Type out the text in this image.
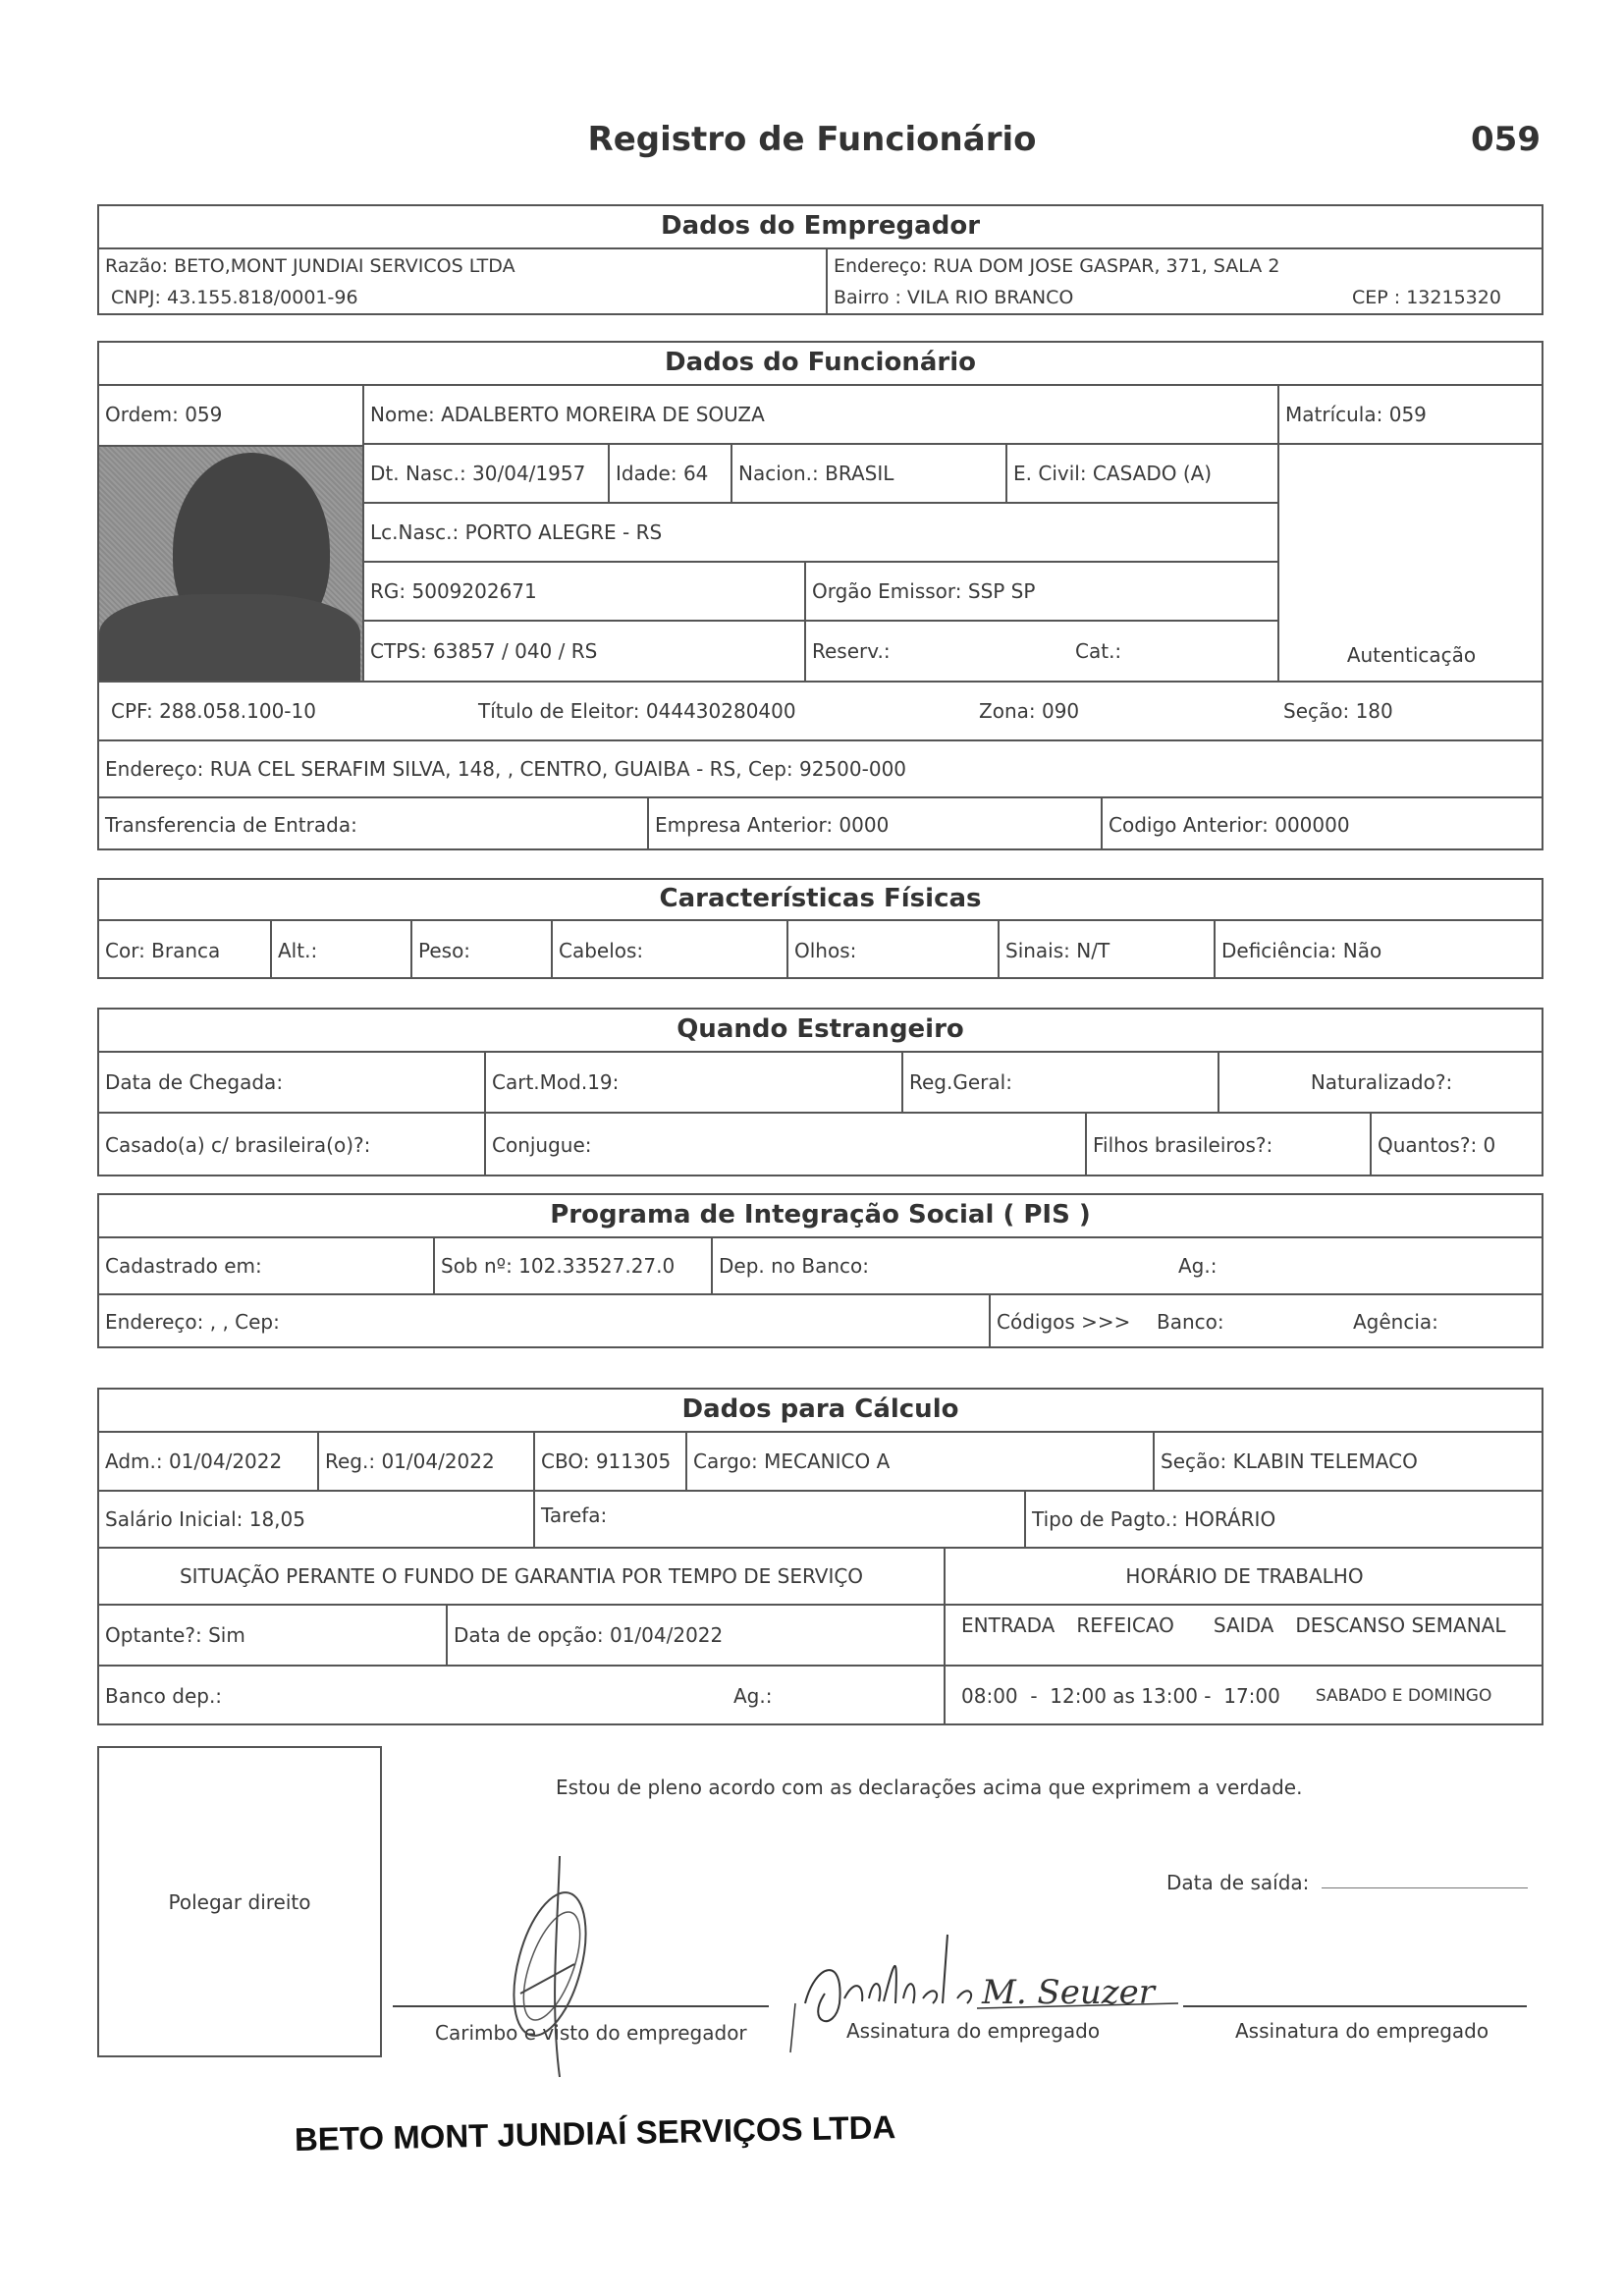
Registro de Funcionário	059
Dados do Empregador
Razão: BETO,MONT JUNDIAI SERVICOS LTDA
CNPJ: 43.155.818/0001-96
Endereço: RUA DOM JOSE GASPAR, 371, SALA 2
Bairro : VILA RIO BRANCO	CEP : 13215320
Dados do Funcionário
Ordem: 059	Nome: ADALBERTO MOREIRA DE SOUZA	Matrícula: 059
Dt. Nasc.: 30/04/1957	Idade: 64	Nacion.: BRASIL	E. Civil: CASADO (A)
Lc.Nasc.: PORTO ALEGRE - RS
RG: 5009202671	Orgão Emissor: SSP SP
CTPS: 63857 / 040 / RS	Reserv.:	Cat.:	Autenticação
CPF: 288.058.100-10	Título de Eleitor: 044430280400	Zona: 090	Seção: 180
Endereço: RUA CEL SERAFIM SILVA, 148, , CENTRO, GUAIBA - RS, Cep: 92500-000
Transferencia de Entrada:	Empresa Anterior: 0000	Codigo Anterior: 000000
Características Físicas
Cor: Branca	Alt.:	Peso:	Cabelos:	Olhos:	Sinais: N/T	Deficiência: Não
Quando Estrangeiro
Data de Chegada:	Cart.Mod.19:	Reg.Geral:	Naturalizado?:
Casado(a) c/ brasileira(o)?:	Conjugue:	Filhos brasileiros?:	Quantos?: 0
Programa de Integração Social ( PIS )
Cadastrado em:	Sob nº: 102.33527.27.0	Dep. no Banco:	Ag.:
Endereço: , , Cep:	Códigos >>>	Banco:	Agência:
Dados para Cálculo
Adm.: 01/04/2022	Reg.: 01/04/2022	CBO: 911305	Cargo: MECANICO A	Seção: KLABIN TELEMACO
Salário Inicial: 18,05	Tarefa:	Tipo de Pagto.: HORÁRIO
SITUAÇÃO PERANTE O FUNDO DE GARANTIA POR TEMPO DE SERVIÇO	HORÁRIO DE TRABALHO
Optante?: Sim	Data de opção: 01/04/2022	ENTRADA REFEICAO SAIDA DESCANSO SEMANAL
Banco dep.:	Ag.:	08:00  -  12:00 as 13:00 -  17:00 SABADO E DOMINGO
Polegar direito
Estou de pleno acordo com as declarações acima que exprimem a verdade.
Data de saída:
Carimbo e visto do empregador	Assinatura do empregado	Assinatura do empregado
M. Seuzer
BETO MONT JUNDIAÍ SERVIÇOS LTDA
